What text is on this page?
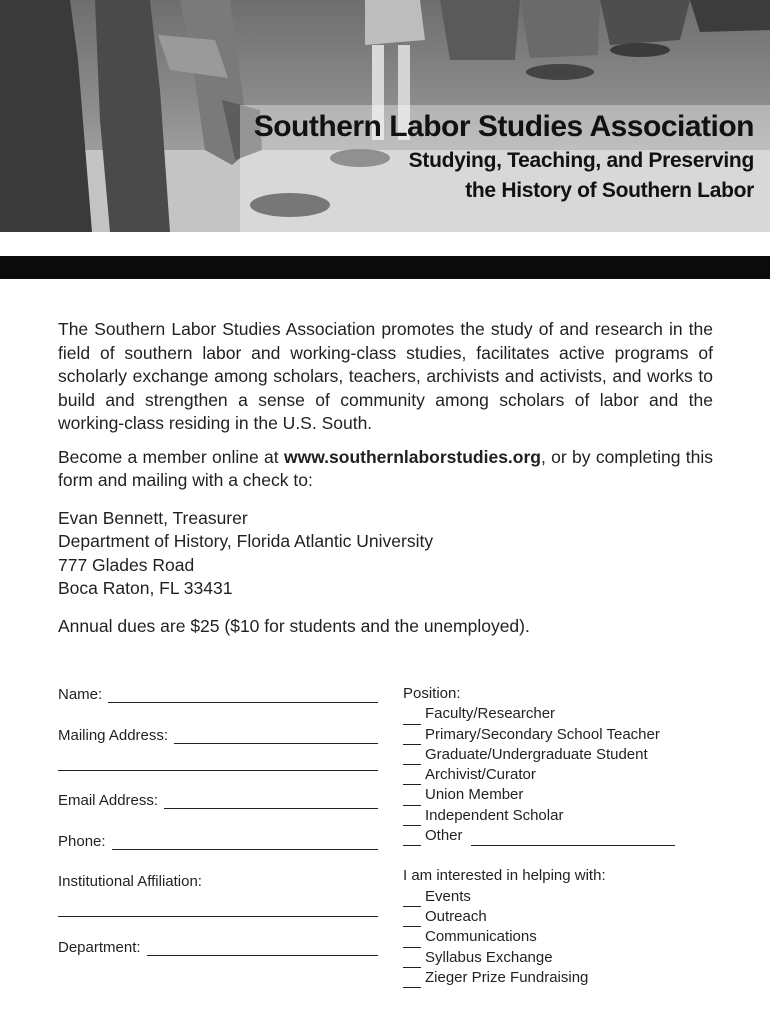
Southern Labor Studies Association
Studying, Teaching, and Preserving
the History of Southern Labor

The Southern Labor Studies Association promotes the study of and research in the field of southern labor and working-class studies, facilitates active programs of scholarly exchange among scholars, teachers, archivists and activists, and works to build and strengthen a sense of community among scholars of labor and the working-class residing in the U.S. South.

Become a member online at www.southernlaborstudies.org, or by completing this form and mailing with a check to:

Evan Bennett, Treasurer
Department of History, Florida Atlantic University
777 Glades Road
Boca Raton, FL 33431
Annual dues are $25 ($10 for students and the unemployed).
Name:
Mailing Address:
Email Address:
Phone:
Institutional Affiliation:
Department:
Position:
Faculty/Researcher
Primary/Secondary School Teacher
Graduate/Undergraduate Student
Archivist/Curator
Union Member
Independent Scholar
Other
I am interested in helping with:
Events
Outreach
Communications
Syllabus Exchange
Zieger Prize Fundraising
